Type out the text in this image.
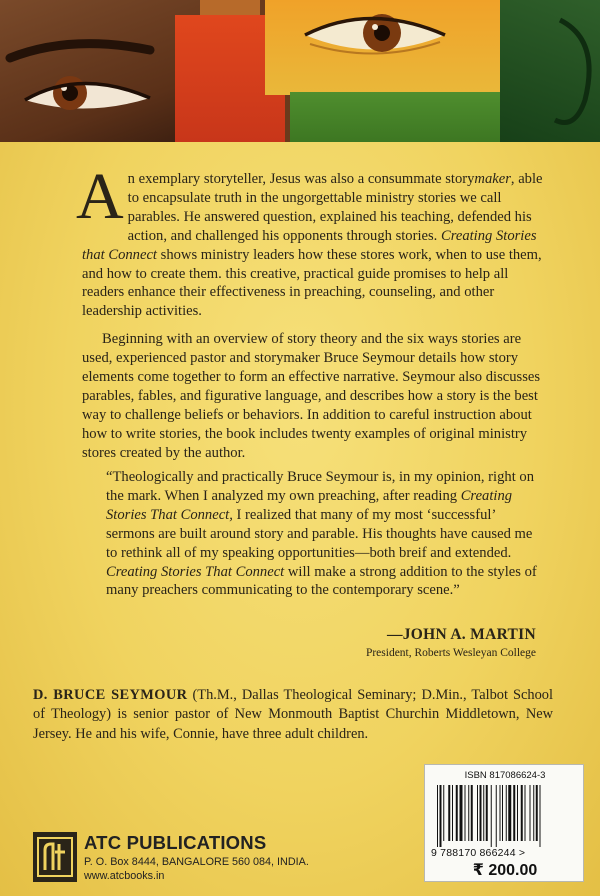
An exemplary storyteller, Jesus was also a consummate storymaker, able to encapsulate truth in the ungorgettable ministry stories we call parables. He answered question, explained his teaching, defended his action, and challenged his opponents through stories. Creating Stories that Connect shows ministry leaders how these stores work, when to use them, and how to create them. this creative, practical guide promises to help all readers enhance their effectiveness in preaching, counseling, and other leadership activities.

Beginning with an overview of story theory and the six ways stories are used, experienced pastor and storymaker Bruce Seymour details how story elements come together to form an effective narrative. Seymour also discusses parables, fables, and figurative language, and describes how a story is the best way to challenge beliefs or behaviors. In addition to careful instruction about how to write stories, the book includes twenty examples of original ministry stores created by the author.

“Theologically and practically Bruce Seymour is, in my opinion, right on the mark. When I analyzed my own preaching, after reading Creating Stories That Connect, I realized that many of my most ‘successful’ sermons are built around story and parable. His thoughts have caused me to rethink all of my speaking opportunities—both breif and extended. Creating Stories That Connect will make a strong addition to the styles of many preachers communicating to the contemporary scene.”

—JOHN A. MARTIN
President, Roberts Wesleyan College

D. BRUCE SEYMOUR (Th.M., Dallas Theological Seminary; D.Min., Talbot School of Theology) is senior pastor of New Monmouth Baptist Churchin Middletown, New Jersey. He and his wife, Connie, have three adult children.

ATC PUBLICATIONS
P. O. Box 8444, BANGALORE 560 084, INDIA.
www.atcbooks.in
ISBN 817086624-3
9 788170 866244 >
₹ 200.00
